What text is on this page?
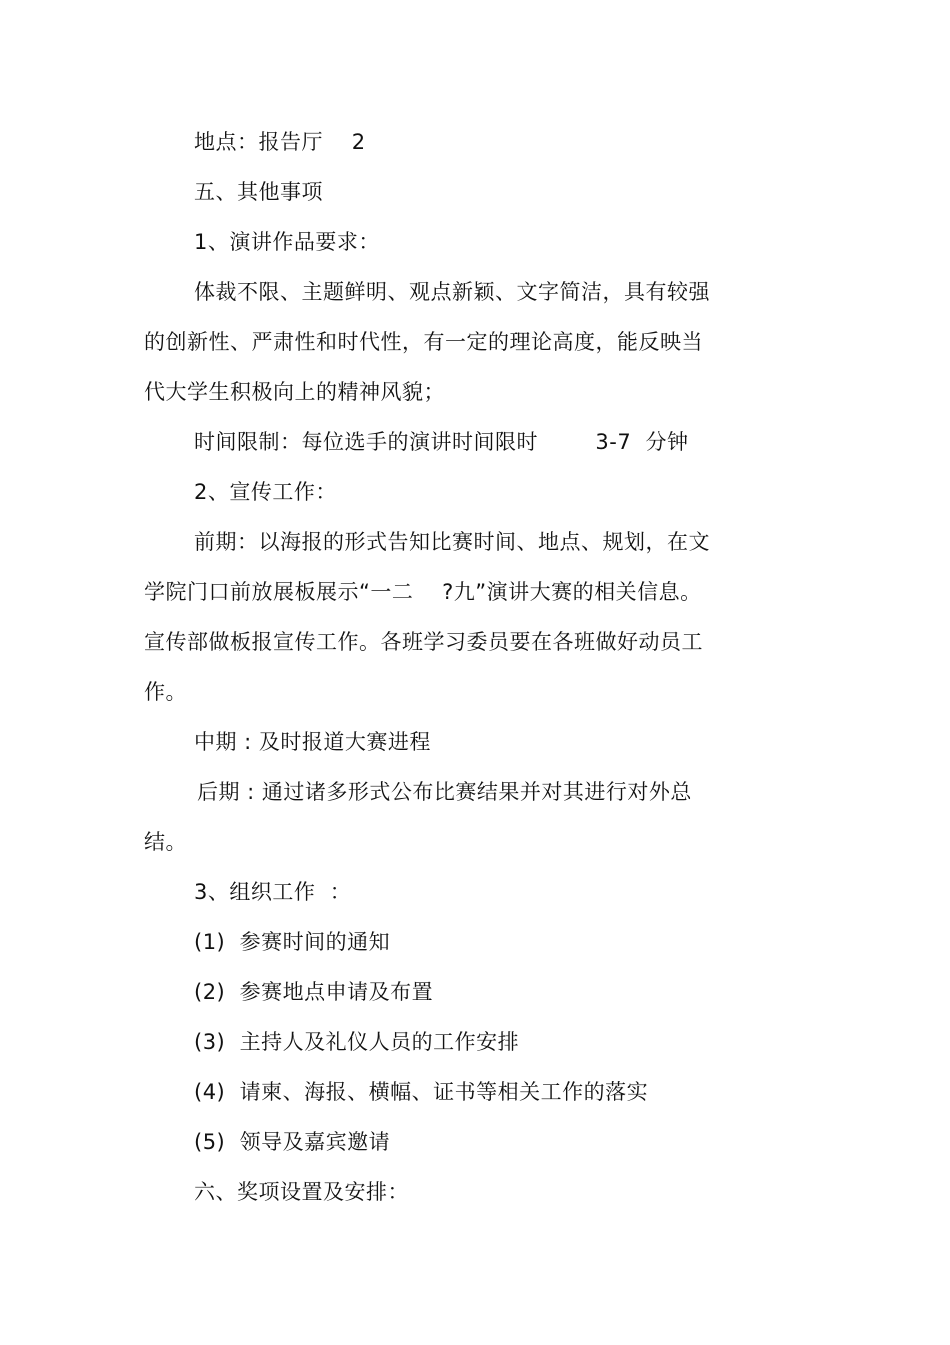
地点：报告厅    2
五、其他事项
1、演讲作品要求：
体裁不限、主题鲜明、观点新颖、文字简洁，具有较强
的创新性、严肃性和时代性，有一定的理论高度，能反映当
代大学生积极向上的精神风貌；
时间限制：每位选手的演讲时间限时        3-7  分钟
2、宣传工作：
前期：以海报的形式告知比赛时间、地点、规划，在文
学院门口前放展板展示“一二    ?九”演讲大赛的相关信息。
宣传部做板报宣传工作。各班学习委员要在各班做好动员工
作。
中期 : 及时报道大赛进程
后期 : 通过诸多形式公布比赛结果并对其进行对外总
结。
3、组织工作  ：
(1)  参赛时间的通知
(2)  参赛地点申请及布置
(3)  主持人及礼仪人员的工作安排
(4)  请柬、海报、横幅、证书等相关工作的落实
(5)  领导及嘉宾邀请
六、奖项设置及安排：
